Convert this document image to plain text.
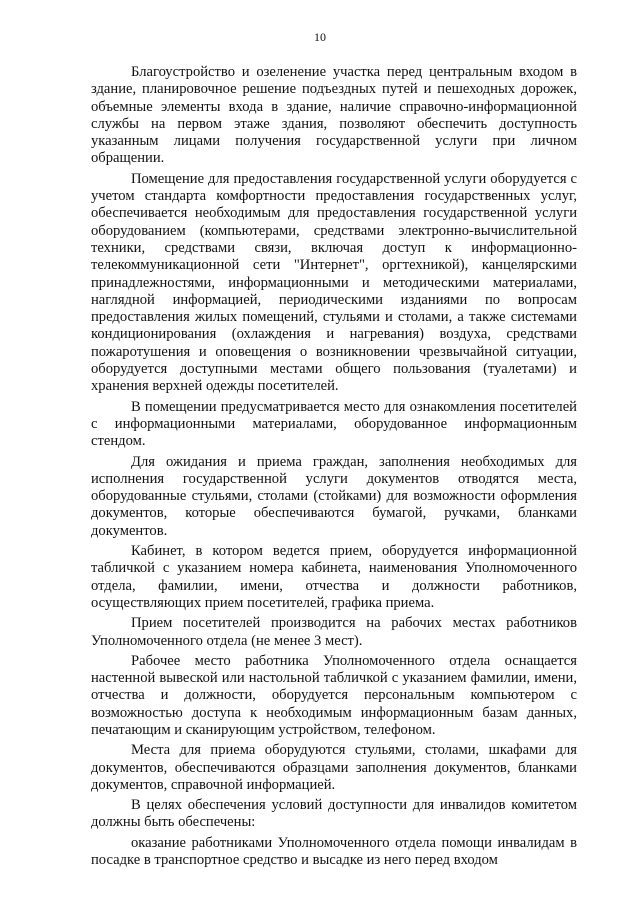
10

Благоустройство и озеленение участка перед центральным входом в здание, планировочное решение подъездных путей и пешеходных дорожек, объемные элементы входа в здание, наличие справочно-информационной службы на первом этаже здания, позволяют обеспечить доступность указанным лицами получения государственной услуги при личном обращении.

Помещение для предоставления государственной услуги оборудуется с учетом стандарта комфортности предоставления государственных услуг, обеспечивается необходимым для предоставления государственной услуги оборудованием (компьютерами, средствами электронно-вычислительной техники, средствами связи, включая доступ к информационно-телекоммуникационной сети "Интернет", оргтехникой), канцелярскими принадлежностями, информационными и методическими материалами, наглядной информацией, периодическими изданиями по вопросам предоставления жилых помещений, стульями и столами, а также системами кондиционирования (охлаждения и нагревания) воздуха, средствами пожаротушения и оповещения о возникновении чрезвычайной ситуации, оборудуется доступными местами общего пользования (туалетами) и хранения верхней одежды посетителей.

В помещении предусматривается место для ознакомления посетителей с информационными материалами, оборудованное информационным стендом.

Для ожидания и приема граждан, заполнения необходимых для исполнения государственной услуги документов отводятся места, оборудованные стульями, столами (стойками) для возможности оформления документов, которые обеспечиваются бумагой, ручками, бланками документов.

Кабинет, в котором ведется прием, оборудуется информационной табличкой с указанием номера кабинета, наименования Уполномоченного отдела, фамилии, имени, отчества и должности работников, осуществляющих прием посетителей, графика приема.

Прием посетителей производится на рабочих местах работников Уполномоченного отдела (не менее 3 мест).

Рабочее место работника Уполномоченного отдела оснащается настенной вывеской или настольной табличкой с указанием фамилии, имени, отчества и должности, оборудуется персональным компьютером с возможностью доступа к необходимым информационным базам данных, печатающим и сканирующим устройством, телефоном.

Места для приема оборудуются стульями, столами, шкафами для документов, обеспечиваются образцами заполнения документов, бланками документов, справочной информацией.

В целях обеспечения условий доступности для инвалидов комитетом должны быть обеспечены:

оказание работниками Уполномоченного отдела помощи инвалидам в посадке в транспортное средство и высадке из него перед входом
